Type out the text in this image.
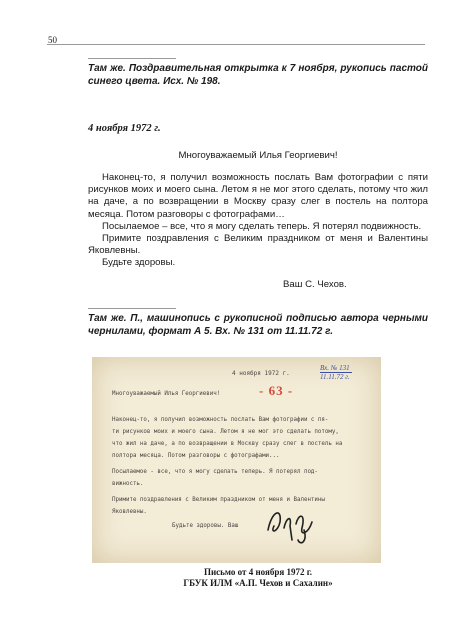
50
Там же. Поздравительная открытка к 7 ноября, рукопись пастой синего цвета. Исх. № 198.
4 ноября 1972 г.
Многоуважаемый Илья Георгиевич!

Наконец-то, я получил возможность послать Вам фотографии с пяти рисунков моих и моего сына. Летом я не мог этого сделать, потому что жил на даче, а по возвращении в Москву сразу слег в постель на полтора месяца. Потом разговоры с фотографами…

Посылаемое – все, что я могу сделать теперь. Я потерял подвижность.

Примите поздравления с Великим праздником от меня и Валентины Яковлевны.

Будьте здоровы.

Ваш С. Чехов.
Там же. П., машинопись с рукописной подписью автора черными чернилами, формат А 5. Вх. № 131 от 11.11.72 г.
Вх. № 131
11.11.72 г.
4 ноября 1972 г.
- 63 -
Многоуважаемый Илья Георгиевич!
Наконец-то, я получил возможность послать Вам фотографии с пя-
ти рисунков моих и моего сына. Летом я не мог это сделать потому,
что жил на даче, а по возвращении в Москву сразу слег в постель на
полтора месяца. Потом разговоры с фотографами...
Посылаемое - все, что я могу сделать теперь. Я потерял под-
вижность.
Примите поздравления с Великим праздником от меня и Валентины
Яковлевны.
Будьте здоровы. Ваш
Письмо от 4 ноября 1972 г.
ГБУК ИЛМ «А.П. Чехов и Сахалин»
